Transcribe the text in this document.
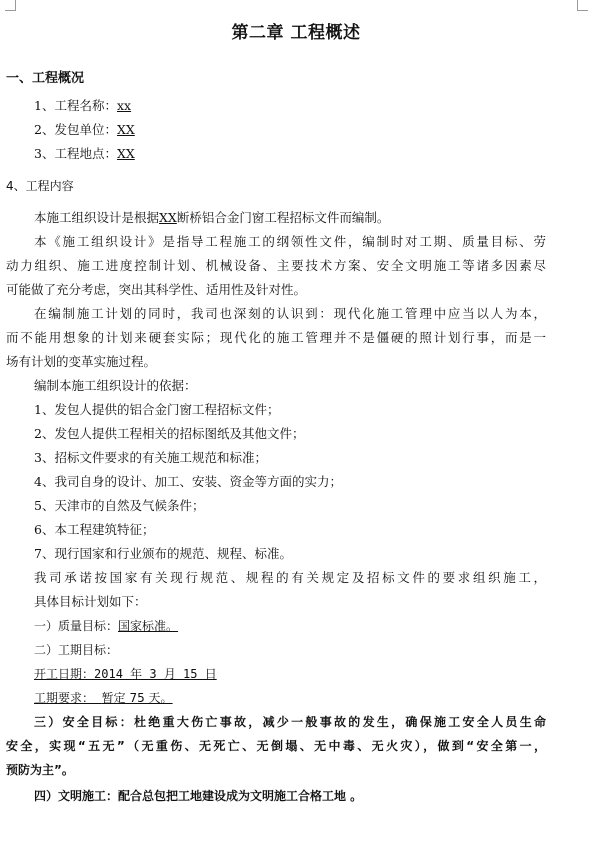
第二章 工程概述
一、工程概况
1、工程名称：xx
2、发包单位：XX
3、工程地点：XX
4、工程内容
本施工组织设计是根据XX断桥铝合金门窗工程招标文件而编制。
本《施工组织设计》是指导工程施工的纲领性文件，编制时对工期、质量目标、劳
动力组织、施工进度控制计划、机械设备、主要技术方案、安全文明施工等诸多因素尽
可能做了充分考虑，突出其科学性、适用性及针对性。
在编制施工计划的同时，我司也深刻的认识到：现代化施工管理中应当以人为本，
而不能用想象的计划来硬套实际；现代化的施工管理并不是僵硬的照计划行事，而是一
场有计划的变革实施过程。
编制本施工组织设计的依据：
1、发包人提供的铝合金门窗工程招标文件；
2、发包人提供工程相关的招标图纸及其他文件；
3、招标文件要求的有关施工规范和标准；
4、我司自身的设计、加工、安装、资金等方面的实力；
5、天津市的自然及气候条件；
6、本工程建筑特征；
7、现行国家和行业颁布的规范、规程、标准。
我司承诺按国家有关现行规范、规程的有关规定及招标文件的要求组织施工，
具体目标计划如下：
一）质量目标：国家标准。
二）工期目标：
开工日期：2014 年 3 月 15 日
工期要求： 暂定 75 天。
三）安全目标：杜绝重大伤亡事故，减少一般事故的发生，确保施工安全人员生命
安全，实现“五无”（无重伤、无死亡、无倒塌、无中毒、无火灾），做到“安全第一，
预防为主”。
四）文明施工：配合总包把工地建设成为文明施工合格工地 。
